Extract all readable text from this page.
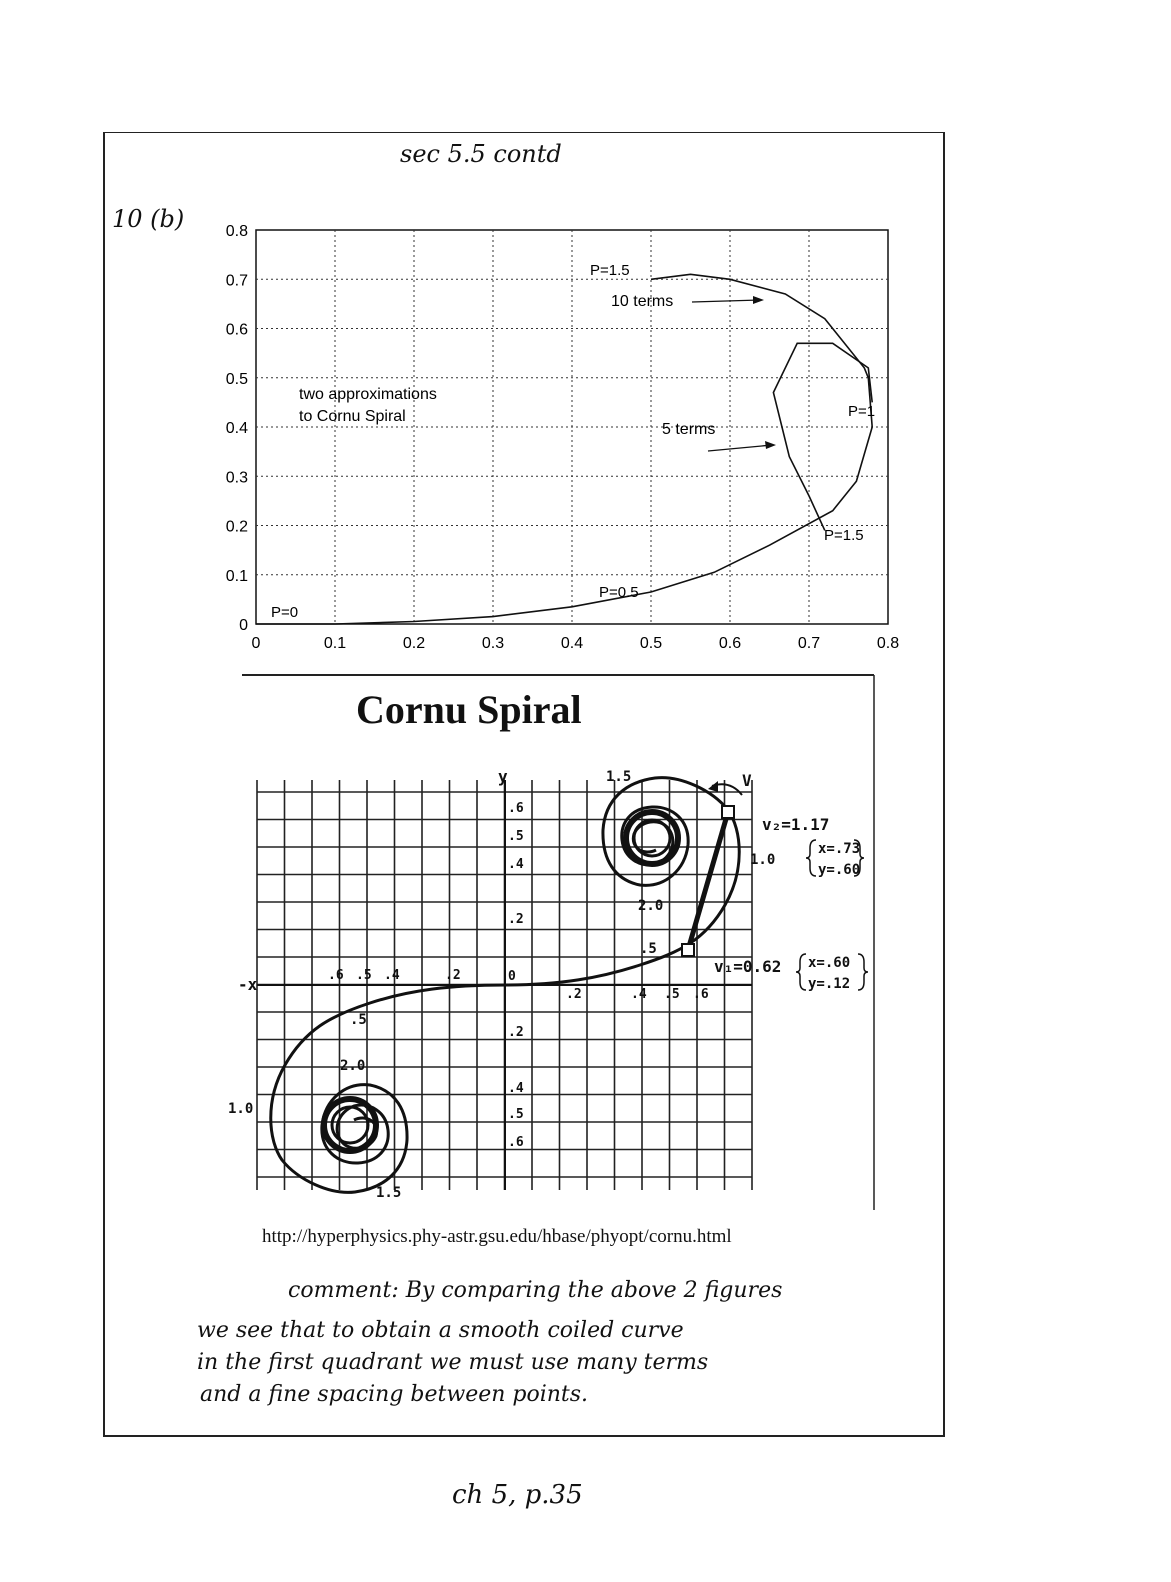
sec 5.5 contd
10 (b)
0
0
0.1
0.1
0.2
0.2
0.3
0.3
0.4
0.4
0.5
0.5
0.6
0.6
0.7
0.7
0.8
0.8
P=1.5
10 terms
two approximations
to Cornu Spiral
5 terms
P=1
P=1.5
P=0.5
P=0
Cornu Spiral
y
-x
1.5	V
v₂=1.17
1.0
x=.73
y=.60
v₁=0.62 x=.60
y=.12
2.0
.5
.6
.5
.4
.2
0
.6 .5 .4	.2
.2	.4 .5 .6
.5
2.0
1.0
1.5
.2
.4
.5
.6
http://hyperphysics.phy-astr.gsu.edu/hbase/phyopt/cornu.html
comment: By comparing the above 2 figures
we see that to obtain a smooth coiled curve
in the first quadrant we must use many terms
and a fine spacing between points.
ch 5, p.35
